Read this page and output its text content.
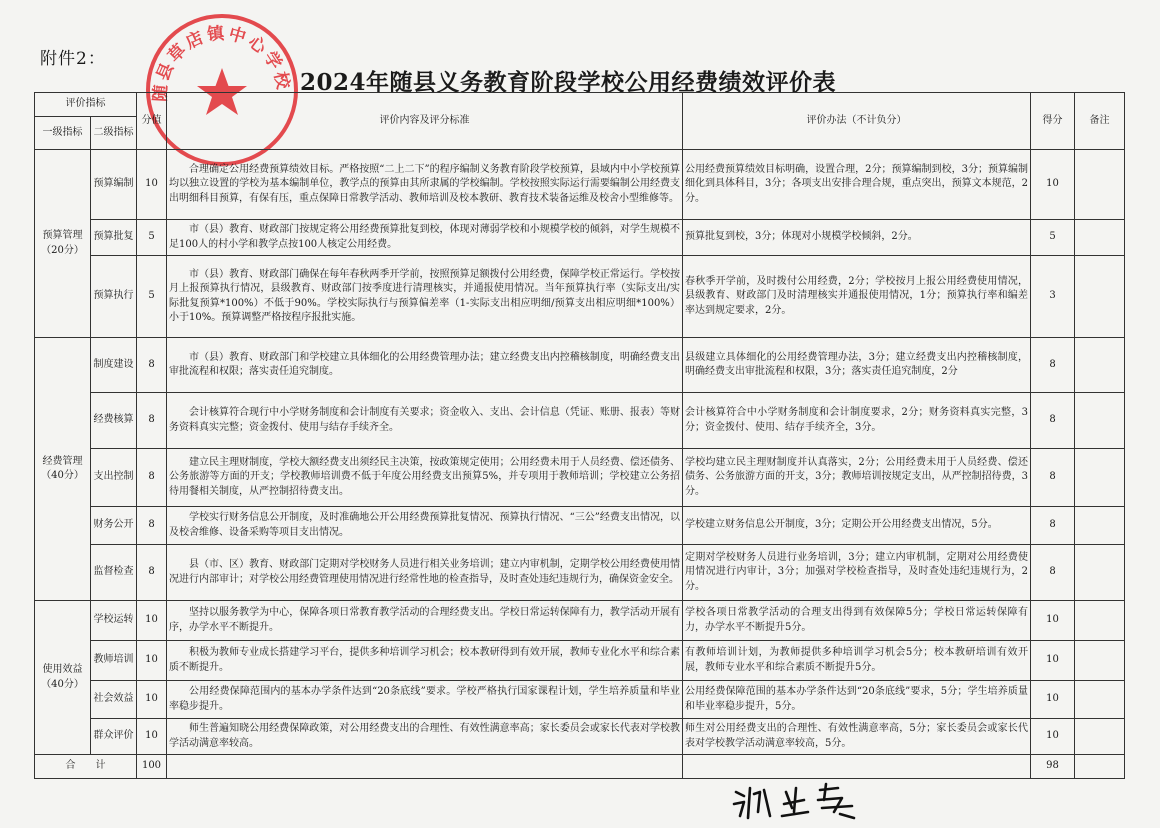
附件2：
随县草店镇中心学校 2024年随县义务教育阶段学校公用经费绩效评价表
评价指标		分值	评价内容及评分标准	评价办法（不计负分）	得分	备注
一级指标	二级指标					
预算管理（20分）	预算编制	10	合理确定公用经费预算绩效目标。严格按照“二上二下”的程序编制义务教育阶段学校预算，县域内中小学校预算均以独立设置的学校为基本编制单位，教学点的预算由其所隶属的学校编制。学校按照实际运行需要编制公用经费支出明细科目预算，有保有压，重点保障日常教学活动、教师培训及校本教研、教育技术装备运维及校舍小型维修等。	公用经费预算绩效目标明确，设置合理，2分；预算编制到校，3分；预算编制细化到具体科目，3分；各项支出安排合理合规，重点突出，预算文本规范，2分。	10	
	预算批复	5	市（县）教育、财政部门按规定将公用经费预算批复到校，体现对薄弱学校和小规模学校的倾斜，对学生规模不足100人的村小学和教学点按100人核定公用经费。	预算批复到校，3分；体现对小规模学校倾斜，2分。	5	
	预算执行	5	市（县）教育、财政部门确保在每年春秋两季开学前，按照预算足额拨付公用经费，保障学校正常运行。学校按月上报预算执行情况，县级教育、财政部门按季度进行清理核实，并通报使用情况。当年预算执行率（实际支出/实际批复预算*100%）不低于90%。学校实际执行与预算偏差率（1-实际支出相应明细/预算支出相应明细*100%）小于10%。预算调整严格按程序报批实施。	春秋季开学前，及时拨付公用经费，2分；学校按月上报公用经费使用情况，县级教育、财政部门及时清理核实并通报使用情况，1分；预算执行率和编差率达到规定要求，2分。	3	
经费管理（40分）	制度建设	8	市（县）教育、财政部门和学校建立具体细化的公用经费管理办法；建立经费支出内控稽核制度，明确经费支出审批流程和权限；落实责任追究制度。	县级建立具体细化的公用经费管理办法，3分；建立经费支出内控稽核制度，明确经费支出审批流程和权限，3分；落实责任追究制度，2分	8	
	经费核算	8	会计核算符合现行中小学财务制度和会计制度有关要求；资金收入、支出、会计信息（凭证、账册、报表）等财务资料真实完整；资金拨付、使用与结存手续齐全。	会计核算符合中小学财务制度和会计制度要求，2分；财务资料真实完整，3分；资金拨付、使用、结存手续齐全，3分。	8	
	支出控制	8	建立民主理财制度，学校大额经费支出须经民主决策，按政策规定使用；公用经费未用于人员经费、偿还债务、公务旅游等方面的开支；学校教师培训费不低于年度公用经费支出预算5%，并专项用于教师培训；学校建立公务招待用餐相关制度，从严控制招待费支出。	学校均建立民主理财制度并认真落实，2分；公用经费未用于人员经费、偿还债务、公务旅游方面的开支，3分；教师培训按规定支出，从严控制招待费，3分。	8	
	财务公开	8	学校实行财务信息公开制度，及时准确地公开公用经费预算批复情况、预算执行情况、“三公”经费支出情况，以及校舍维修、设备采购等项目支出情况。	学校建立财务信息公开制度，3分；定期公开公用经费支出情况，5分。	8	
	监督检查	8	县（市、区）教育、财政部门定期对学校财务人员进行相关业务培训；建立内审机制，定期学校公用经费使用情况进行内部审计；对学校公用经费管理使用情况进行经常性地的检查指导，及时查处违纪违规行为，确保资金安全。	定期对学校财务人员进行业务培训，3分；建立内审机制，定期对公用经费使用情况进行内审计，3分；加强对学校检查指导，及时查处违纪违规行为，2分。	8	
使用效益（40分）	学校运转	10	坚持以服务教学为中心，保障各项日常教育教学活动的合理经费支出。学校日常运转保障有力，教学活动开展有序，办学水平不断提升。	学校各项日常教学活动的合理支出得到有效保障5分；学校日常运转保障有力，办学水平不断提升5分。	10	
	教师培训	10	积极为教师专业成长搭建学习平台，提供多种培训学习机会；校本教研得到有效开展，教师专业化水平和综合素质不断提升。	有教师培训计划，为教师提供多种培训学习机会5分；校本教研培训有效开展，教师专业水平和综合素质不断提升5分。	10	
	社会效益	10	公用经费保障范围内的基本办学条件达到“20条底线”要求。学校严格执行国家课程计划，学生培养质量和毕业率稳步提升。	公用经费保障范围的基本办学条件达到“20条底线”要求，5分；学生培养质量和毕业率稳步提升，5分。	10	
	群众评价	10	师生普遍知晓公用经费保障政策，对公用经费支出的合理性、有效性满意率高；家长委员会或家长代表对学校教学活动满意率较高。	师生对公用经费支出的合理性、有效性满意率高，5分；家长委员会或家长代表对学校教学活动满意率较高，5分。	10	
合　　计		100			98	
